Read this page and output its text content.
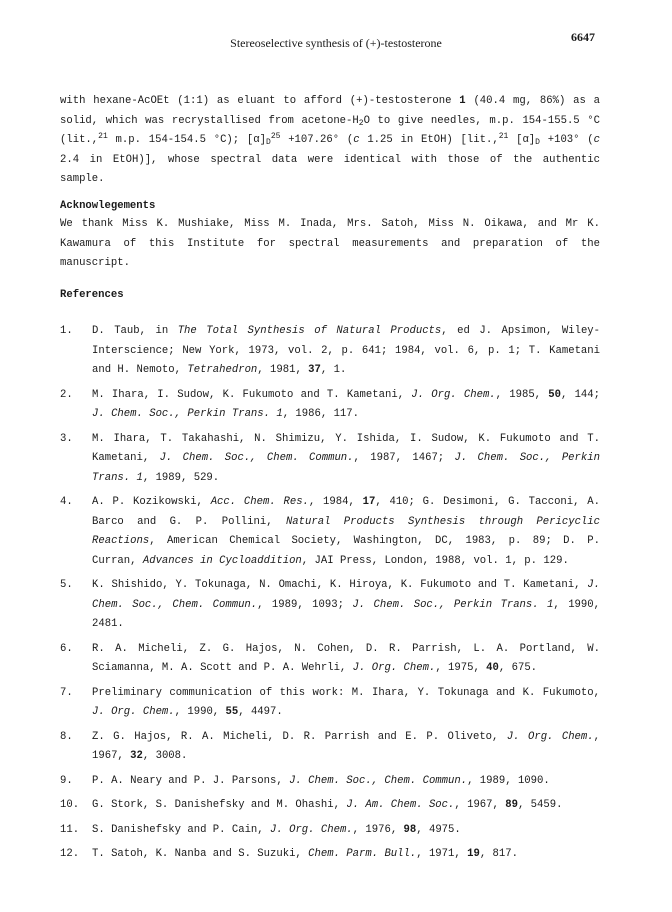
Stereoselective synthesis of (+)-testosterone	6647
with hexane-AcOEt (1:1) as eluant to afford (+)-testosterone 1 (40.4 mg, 86%) as a solid, which was recrystallised from acetone-$H_2O$ to give needles, m.p. 154-155.5 °C (lit.,$^{21}$ m.p. 154-154.5 °C); $[\alpha]_D^{25} +107.26^\circ$ (c 1.25 in EtOH) [lit.,$^{21}$ $[\alpha]_D +103^\circ$ (c 2.4 in EtOH)], whose spectral data were identical with those of the authentic sample.
Acknowlegements
We thank Miss K. Mushiake, Miss M. Inada, Mrs. Satoh, Miss N. Oikawa, and Mr K. Kawamura of this Institute for spectral measurements and preparation of the manuscript.
References
1. D. Taub, in The Total Synthesis of Natural Products, ed J. Apsimon, Wiley-Interscience; New York, 1973, vol. 2, p. 641; 1984, vol. 6, p. 1; T. Kametani and H. Nemoto, Tetrahedron, 1981, 37, 1.
2. M. Ihara, I. Sudow, K. Fukumoto and T. Kametani, J. Org. Chem., 1985, 50, 144; J. Chem. Soc., Perkin Trans. 1, 1986, 117.
3. M. Ihara, T. Takahashi, N. Shimizu, Y. Ishida, I. Sudow, K. Fukumoto and T. Kametani, J. Chem. Soc., Chem. Commun., 1987, 1467; J. Chem. Soc., Perkin Trans. 1, 1989, 529.
4. A. P. Kozikowski, Acc. Chem. Res., 1984, 17, 410; G. Desimoni, G. Tacconi, A. Barco and G. P. Pollini, Natural Products Synthesis through Pericyclic Reactions, American Chemical Society, Washington, DC, 1983, p. 89; D. P. Curran, Advances in Cycloaddition, JAI Press, London, 1988, vol. 1, p. 129.
5. K. Shishido, Y. Tokunaga, N. Omachi, K. Hiroya, K. Fukumoto and T. Kametani, J. Chem. Soc., Chem. Commun., 1989, 1093; J. Chem. Soc., Perkin Trans. 1, 1990, 2481.
6. R. A. Micheli, Z. G. Hajos, N. Cohen, D. R. Parrish, L. A. Portland, W. Sciamanna, M. A. Scott and P. A. Wehrli, J. Org. Chem., 1975, 40, 675.
7. Preliminary communication of this work: M. Ihara, Y. Tokunaga and K. Fukumoto, J. Org. Chem., 1990, 55, 4497.
8. Z. G. Hajos, R. A. Micheli, D. R. Parrish and E. P. Oliveto, J. Org. Chem., 1967, 32, 3008.
9. P. A. Neary and P. J. Parsons, J. Chem. Soc., Chem. Commun., 1989, 1090.
10. G. Stork, S. Danishefsky and M. Ohashi, J. Am. Chem. Soc., 1967, 89, 5459.
11. S. Danishefsky and P. Cain, J. Org. Chem., 1976, 98, 4975.
12. T. Satoh, K. Nanba and S. Suzuki, Chem. Parm. Bull., 1971, 19, 817.
